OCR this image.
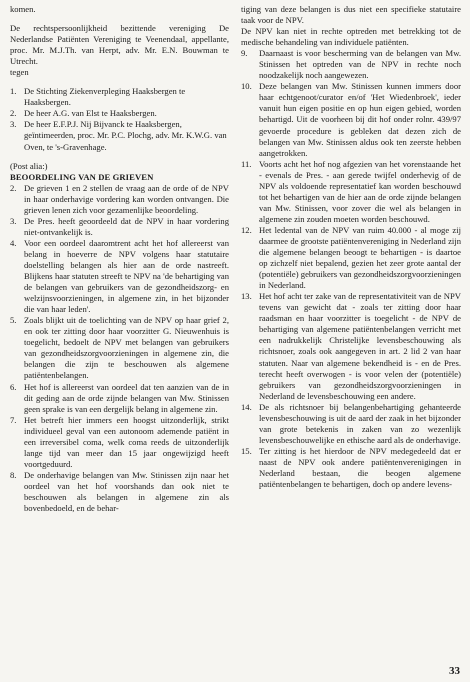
komen.

De rechtspersoonlijkheid bezittende vereniging De Nederlandse Patiënten Vereniging te Veenendaal, appellante, proc. Mr. M.J.Th. van Herpt, adv. Mr. E.N. Bouwman te Utrecht.

tegen

1. De Stichting Ziekenverpleging Haaksbergen te Haaksbergen.
2. De heer A.G. van Elst te Haaksbergen.
3. De heer E.F.P.J. Nij Bijvanck te Haaksbergen, geïntimeerden, proc. Mr. P.C. Plochg, adv. Mr. K.W.G. van Oven, te 's-Gravenhage.

(Post alia:)

BEOORDELING VAN DE GRIEVEN

2. De grieven 1 en 2 stellen de vraag aan de orde of de NPV in haar onderhavige vordering kan worden ontvangen. Die grieven lenen zich voor gezamenlijke beoordeling.
3. De Pres. heeft geoordeeld dat de NPV in haar vordering niet-ontvankelijk is.
4. Voor een oordeel daaromtrent acht het hof allereerst van belang in hoeverre de NPV volgens haar statutaire doelstelling belangen als hier aan de orde nastreeft. Blijkens haar statuten streeft te NPV na 'de behartiging van de belangen van gebruikers van de gezondheidszorg- en welzijnsvoorzieningen, in algemene zin, in het bijzonder die van haar leden'.
5. Zoals blijkt uit de toelichting van de NPV op haar grief 2, en ook ter zitting door haar voorzitter G. Nieuwenhuis is toegelicht, bedoelt de NPV met belangen van gebruikers van gezondheidszorgvoorzieningen in algemene zin, die belangen die zijn te beschouwen als algemene patiëntenbelangen.
6. Het hof is allereerst van oordeel dat ten aanzien van de in dit geding aan de orde zijnde belangen van Mw. Stinissen geen sprake is van een dergelijk belang in algemene zin.
7. Het betreft hier immers een hoogst uitzonderlijk, strikt individueel geval van een autonoom ademende patiënt in een irreversibel coma, welk coma reeds de uitzonderlijk lange tijd van meer dan 15 jaar ongewijzigd heeft voortgeduurd.
8. De onderhavige belangen van Mw. Stinissen zijn naar het oordeel van het hof voorshands dan ook niet te beschouwen als belangen in algemene zin als bovenbedoeld, en de behar-

tiging van deze belangen is dus niet een specifieke statutaire taak voor de NPV.

De NPV kan niet in rechte optreden met betrekking tot de medische behandeling van individuele patiënten.

9.	Daarnaast is voor bescherming van de belangen van Mw. Stinissen het optreden van de NPV in rechte noch noodzakelijk noch aangewezen.
10. Deze belangen van Mw. Stinissen kunnen immers door haar echtgenoot/curator en/of 'Het Wiedenbroek', ieder vanuit hun eigen positie en op hun eigen gebied, worden behartigd. Uit de voorheen bij dit hof onder rolnr. 439/97 gevoerde procedure is gebleken dat dezen zich de belangen van Mw. Stinissen aldus ook ten zeerste hebben aangetrokken.
11. Voorts acht het hof nog afgezien van het vorenstaande het - evenals de Pres. - aan gerede twijfel onderhevig of de NPV als voldoende representatief kan worden beschouwd tot het behartigen van de hier aan de orde zijnde belangen van Mw. Stinissen, voor zover die wel als belangen in algemene zin zouden moeten worden beschouwd.
12. Het ledental van de NPV van ruim 40.000 - al moge zij daarmee de grootste patiëntenvereniging in Nederland zijn die algemene belangen beoogt te behartigen - is daartoe op zichzelf niet bepalend, gezien het zeer grote aantal der (potentiële) gebruikers van gezondheidszorgvoorzieningen in Nederland.
13. Het hof acht ter zake van de representativiteit van de NPV tevens van gewicht dat - zoals ter zitting door haar raadsman en haar voorzitter is toegelicht - de NPV de behartiging van algemene patiëntenbelangen verricht met een nadrukkelijk Christelijke levensbeschouwing als richtsnoer, zoals ook aangegeven in art. 2 lid 2 van haar statuten. Naar van algemene bekendheid is - en de Pres. terecht heeft overwogen - is voor velen der (potentiële) gebruikers van gezondheidszorgvoorzieningen in Nederland de levensbeschouwing een andere.
14. De als richtsnoer bij belangenbehartiging gehanteerde levensbeschouwing is uit de aard der zaak in het bijzonder van grote betekenis in zaken van zo wezenlijk levensbeschouwelijke en ethische aard als de onderhavige.
15. Ter zitting is het hierdoor de NPV medegedeeld dat er naast de NPV ook andere patiëntenverenigingen in Nederland bestaan, die beogen algemene patiëntenbelangen te behartigen, doch op andere levens-
33
